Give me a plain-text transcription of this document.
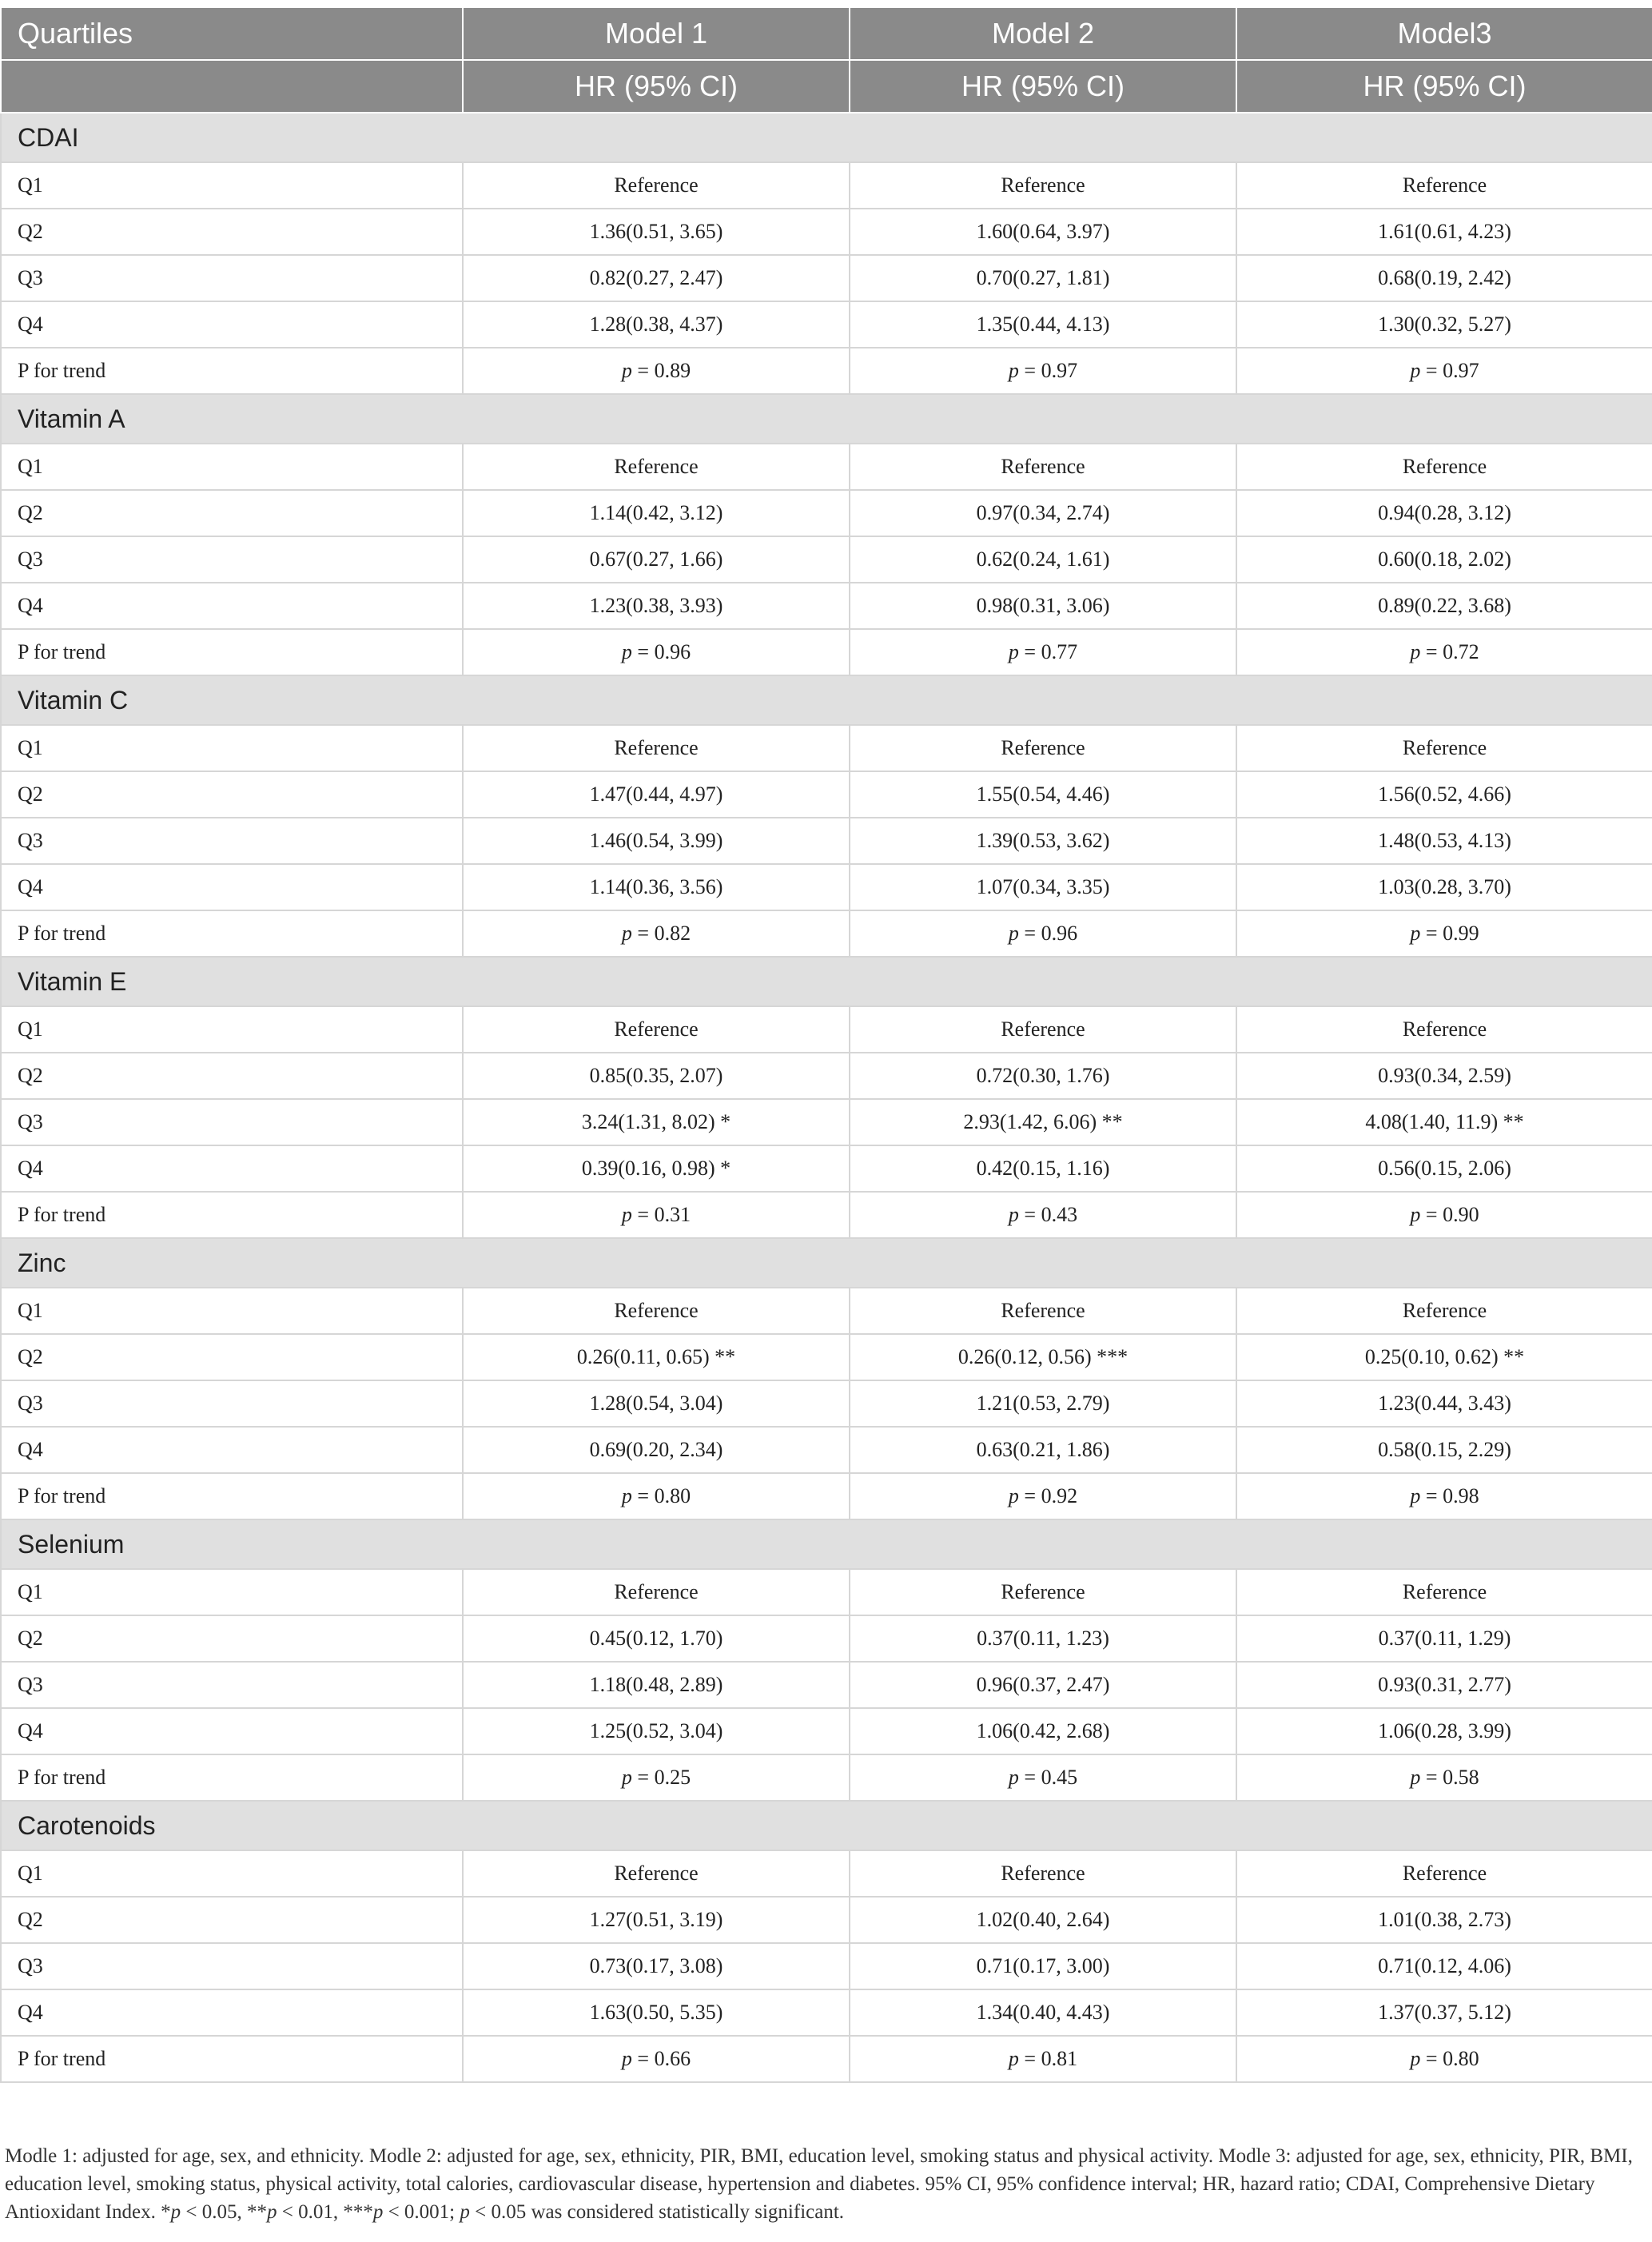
Quartiles	Model 1	Model 2	Model3
	HR (95% CI)	HR (95% CI)	HR (95% CI)
CDAI			
Q1	Reference	Reference	Reference
Q2	1.36(0.51, 3.65)	1.60(0.64, 3.97)	1.61(0.61, 4.23)
Q3	0.82(0.27, 2.47)	0.70(0.27, 1.81)	0.68(0.19, 2.42)
Q4	1.28(0.38, 4.37)	1.35(0.44, 4.13)	1.30(0.32, 5.27)
P for trend	p = 0.89	p = 0.97	p = 0.97
Vitamin A			
Q1	Reference	Reference	Reference
Q2	1.14(0.42, 3.12)	0.97(0.34, 2.74)	0.94(0.28, 3.12)
Q3	0.67(0.27, 1.66)	0.62(0.24, 1.61)	0.60(0.18, 2.02)
Q4	1.23(0.38, 3.93)	0.98(0.31, 3.06)	0.89(0.22, 3.68)
P for trend	p = 0.96	p = 0.77	p = 0.72
Vitamin C			
Q1	Reference	Reference	Reference
Q2	1.47(0.44, 4.97)	1.55(0.54, 4.46)	1.56(0.52, 4.66)
Q3	1.46(0.54, 3.99)	1.39(0.53, 3.62)	1.48(0.53, 4.13)
Q4	1.14(0.36, 3.56)	1.07(0.34, 3.35)	1.03(0.28, 3.70)
P for trend	p = 0.82	p = 0.96	p = 0.99
Vitamin E			
Q1	Reference	Reference	Reference
Q2	0.85(0.35, 2.07)	0.72(0.30, 1.76)	0.93(0.34, 2.59)
Q3	3.24(1.31, 8.02) *	2.93(1.42, 6.06) **	4.08(1.40, 11.9) **
Q4	0.39(0.16, 0.98) *	0.42(0.15, 1.16)	0.56(0.15, 2.06)
P for trend	p = 0.31	p = 0.43	p = 0.90
Zinc			
Q1	Reference	Reference	Reference
Q2	0.26(0.11, 0.65) **	0.26(0.12, 0.56) ***	0.25(0.10, 0.62) **
Q3	1.28(0.54, 3.04)	1.21(0.53, 2.79)	1.23(0.44, 3.43)
Q4	0.69(0.20, 2.34)	0.63(0.21, 1.86)	0.58(0.15, 2.29)
P for trend	p = 0.80	p = 0.92	p = 0.98
Selenium			
Q1	Reference	Reference	Reference
Q2	0.45(0.12, 1.70)	0.37(0.11, 1.23)	0.37(0.11, 1.29)
Q3	1.18(0.48, 2.89)	0.96(0.37, 2.47)	0.93(0.31, 2.77)
Q4	1.25(0.52, 3.04)	1.06(0.42, 2.68)	1.06(0.28, 3.99)
P for trend	p = 0.25	p = 0.45	p = 0.58
Carotenoids			
Q1	Reference	Reference	Reference
Q2	1.27(0.51, 3.19)	1.02(0.40, 2.64)	1.01(0.38, 2.73)
Q3	0.73(0.17, 3.08)	0.71(0.17, 3.00)	0.71(0.12, 4.06)
Q4	1.63(0.50, 5.35)	1.34(0.40, 4.43)	1.37(0.37, 5.12)
P for trend	p = 0.66	p = 0.81	p = 0.80
Modle 1: adjusted for age, sex, and ethnicity. Modle 2: adjusted for age, sex, ethnicity, PIR, BMI, education level, smoking status and physical activity. Modle 3: adjusted for age, sex, ethnicity, PIR, BMI, education level, smoking status, physical activity, total calories, cardiovascular disease, hypertension and diabetes. 95% CI, 95% confidence interval; HR, hazard ratio; CDAI, Comprehensive Dietary Antioxidant Index. *p < 0.05, **p < 0.01, ***p < 0.001; p < 0.05 was considered statistically significant.
